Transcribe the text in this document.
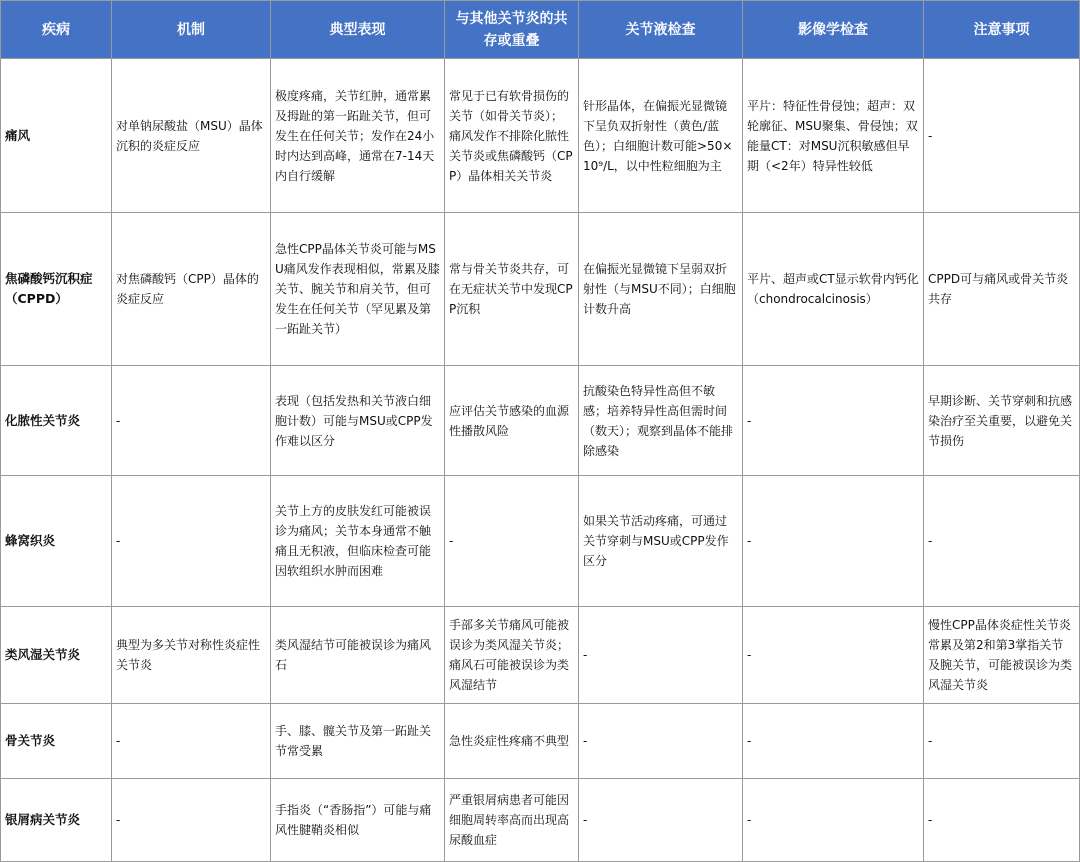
疾病	机制	典型表现	与其他关节炎的共存或重叠	关节液检查	影像学检查	注意事项
痛风	对单钠尿酸盐（MSU）晶体沉积的炎症反应	极度疼痛，关节红肿，通常累及拇趾的第一跖趾关节，但可发生在任何关节；发作在24小时内达到高峰，通常在7-14天内自行缓解	常见于已有软骨损伤的关节（如骨关节炎）；痛风发作不排除化脓性关节炎或焦磷酸钙（CPP）晶体相关关节炎	针形晶体，在偏振光显微镜下呈负双折射性（黄色/蓝色）；白细胞计数可能>50×10⁹/L，以中性粒细胞为主	平片：特征性骨侵蚀；超声：双轮廓征、MSU聚集、骨侵蚀；双能量CT：对MSU沉积敏感但早期（<2年）特异性较低	-
焦磷酸钙沉积症（CPPD）	对焦磷酸钙（CPP）晶体的炎症反应	急性CPP晶体关节炎可能与MSU痛风发作表现相似，常累及膝关节、腕关节和肩关节，但可发生在任何关节（罕见累及第一跖趾关节）	常与骨关节炎共存，可在无症状关节中发现CPP沉积	在偏振光显微镜下呈弱双折射性（与MSU不同）；白细胞计数升高	平片、超声或CT显示软骨内钙化（chondrocalcinosis）	CPPD可与痛风或骨关节炎共存
化脓性关节炎	-	表现（包括发热和关节液白细胞计数）可能与MSU或CPP发作难以区分	应评估关节感染的血源性播散风险	抗酸染色特异性高但不敏感；培养特异性高但需时间（数天）；观察到晶体不能排除感染	-	早期诊断、关节穿刺和抗感染治疗至关重要，以避免关节损伤
蜂窝织炎	-	关节上方的皮肤发红可能被误诊为痛风；关节本身通常不触痛且无积液，但临床检查可能因软组织水肿而困难	-	如果关节活动疼痛，可通过关节穿刺与MSU或CPP发作区分	-	-
类风湿关节炎	典型为多关节对称性炎症性关节炎	类风湿结节可能被误诊为痛风石	手部多关节痛风可能被误诊为类风湿关节炎；痛风石可能被误诊为类风湿结节	-	-	慢性CPP晶体炎症性关节炎常累及第2和第3掌指关节及腕关节，可能被误诊为类风湿关节炎
骨关节炎	-	手、膝、髋关节及第一跖趾关节常受累	急性炎症性疼痛不典型	-	-	-
银屑病关节炎	-	手指炎（“香肠指”）可能与痛风性腱鞘炎相似	严重银屑病患者可能因细胞周转率高而出现高尿酸血症	-	-	-
